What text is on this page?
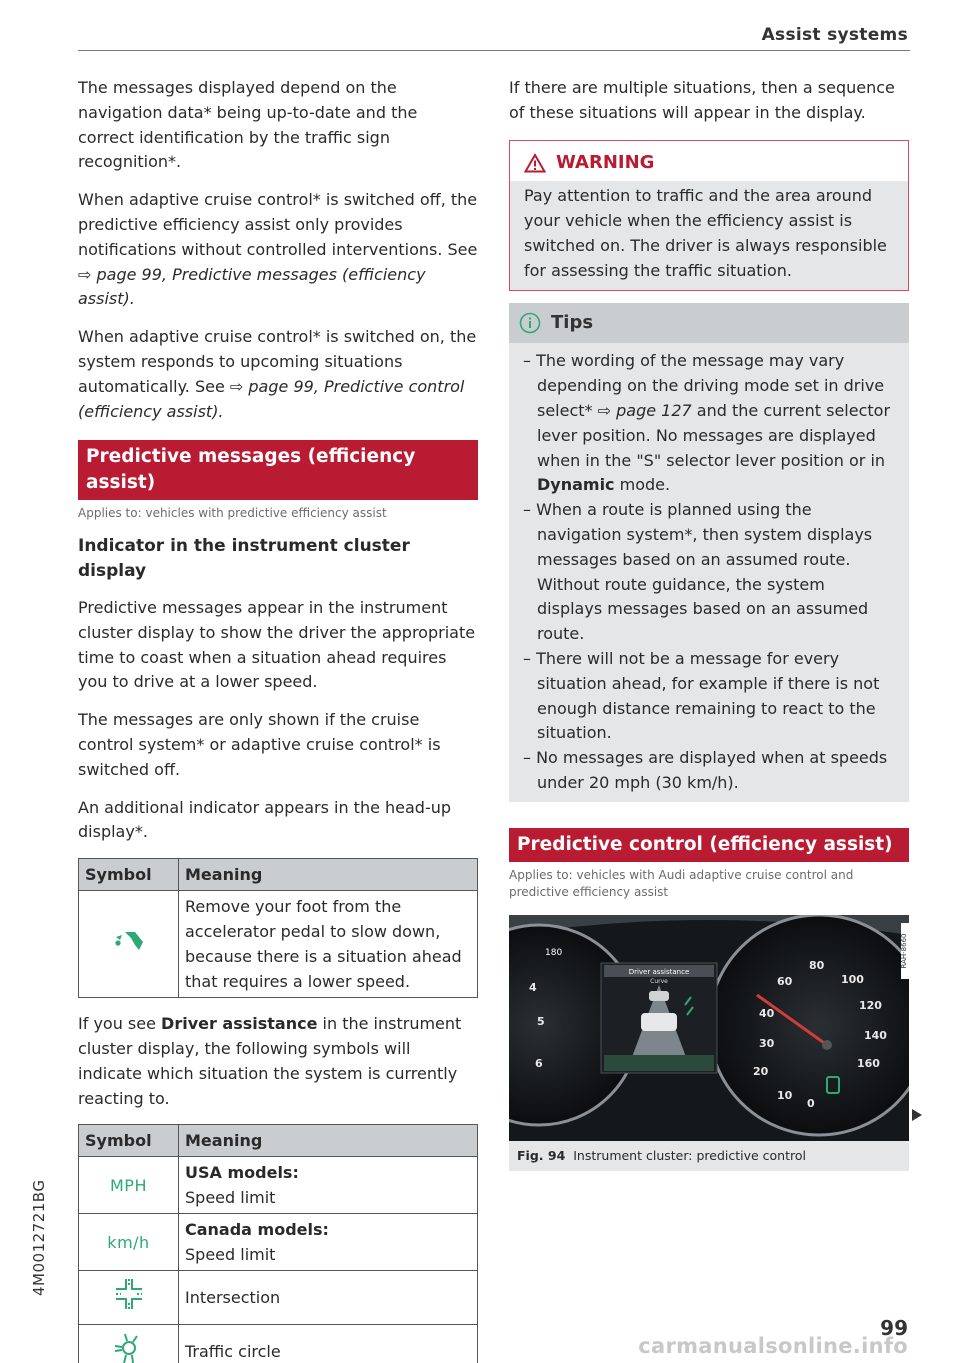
Assist systems

The messages displayed depend on the navigation data* being up-to-date and the correct identification by the traffic sign recognition*.

When adaptive cruise control* is switched off, the predictive efficiency assist only provides notifications without controlled interventions. See ⇨ page 99, Predictive messages (efficiency assist).

When adaptive cruise control* is switched on, the system responds to upcoming situations automatically. See ⇨ page 99, Predictive control (efficiency assist).

Predictive messages (efficiency assist)
Applies to: vehicles with predictive efficiency assist
Indicator in the instrument cluster display

Predictive messages appear in the instrument cluster display to show the driver the appropriate time to coast when a situation ahead requires you to drive at a lower speed.

The messages are only shown if the cruise control system* or adaptive cruise control* is switched off.

An additional indicator appears in the head-up display*.

Symbol	Meaning
	Remove your foot from the accelerator pedal to slow down, because there is a situation ahead that requires a lower speed.

If you see Driver assistance in the instrument cluster display, the following symbols will indicate which situation the system is currently reacting to.

Symbol	Meaning
MPH	USA models:
Speed limit

km/h	Canada models:
Speed limit

	Intersection
	Traffic circle

If there are multiple situations, then a sequence of these situations will appear in the display.

WARNING
Pay attention to traffic and the area around your vehicle when the efficiency assist is switched on. The driver is always responsible for assessing the traffic situation.
Tips

– The wording of the message may vary depending on the driving mode set in drive select* ⇨ page 127 and the current selector lever position. No messages are displayed when in the "S" selector lever position or in Dynamic mode.

– When a route is planned using the navigation system*, then system displays messages based on an assumed route. Without route guidance, the system displays messages based on an assumed route.

– There will not be a message for every situation ahead, for example if there is not enough distance remaining to react to the situation.

– No messages are displayed when at speeds under 20 mph (30 km/h).

Predictive control (efficiency assist)
Applies to: vehicles with Audi adaptive cruise control and predictive efficiency assist
60
80
100
120
140
160
40
30
20
10
0
4
5
6
Driver assistance
Curve
180	RAH-8660
Fig. 94 Instrument cluster: predictive control
4M0012721BG
99
carmanualsonline.info
